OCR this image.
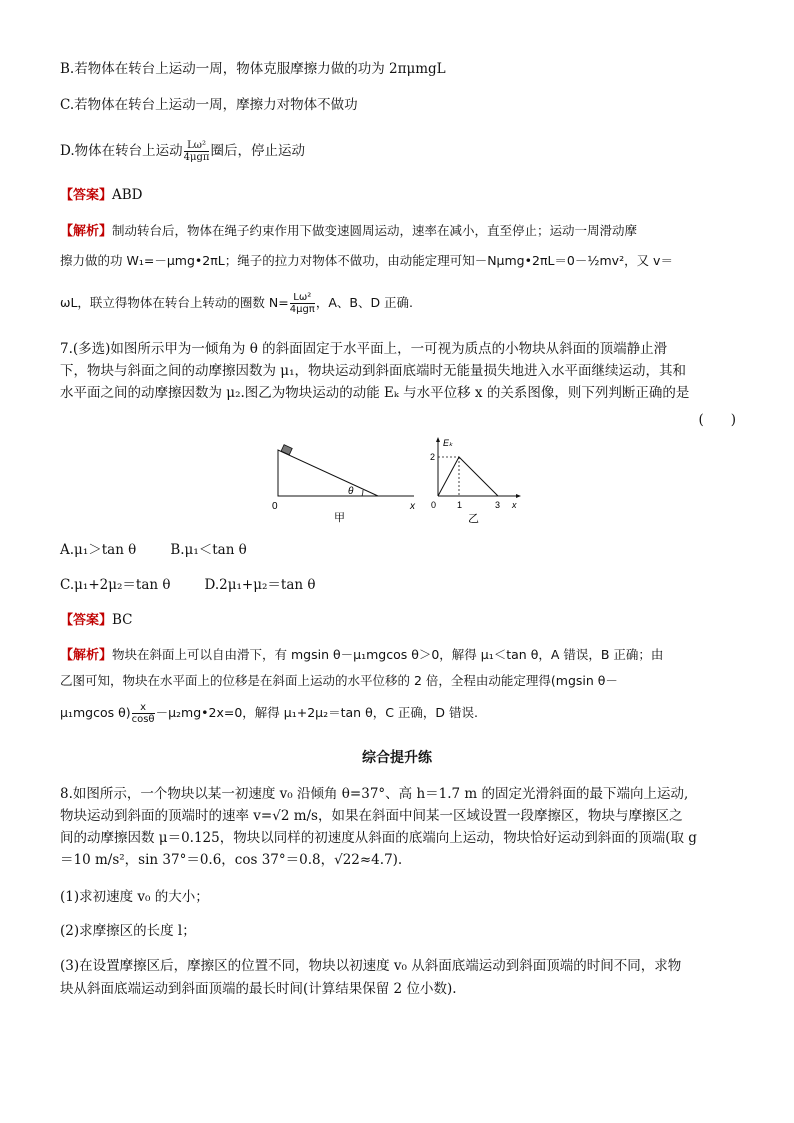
B.若物体在转台上运动一周，物体克服摩擦力做的功为 2πμmgL
C.若物体在转台上运动一周，摩擦力对物体不做功
D.物体在转台上运动 Lω²
4μgπ 圈后，停止运动
【答案】ABD
【解析】制动转台后，物体在绳子约束作用下做变速圆周运动，速率在减小，直至停止；运动一周滑动摩
擦力做的功 W₁=－μmg•2πL；绳子的拉力对物体不做功，由动能定理可知－Nμmg•2πL＝0－½mv²，又 v＝
ωL，联立得物体在转台上转动的圈数 N= Lω²
4μgπ ，A、B、D 正确.
7.(多选)如图所示甲为一倾角为 θ 的斜面固定于水平面上，一可视为质点的小物块从斜面的顶端静止滑
下，物块与斜面之间的动摩擦因数为 μ₁，物块运动到斜面底端时无能量损失地进入水平面继续运动，其和
水平面之间的动摩擦因数为 μ₂.图乙为物块运动的动能 Eₖ 与水平位移 x 的关系图像，则下列判断正确的是
(　　)
θ
0	x
甲
Eₖ
2
0 1	3 x
乙
A.μ₁＞tan θ	B.μ₁＜tan θ
C.μ₁+2μ₂＝tan θ	D.2μ₁+μ₂＝tan θ
【答案】BC
【解析】物块在斜面上可以自由滑下，有 mgsin θ－μ₁mgcos θ＞0，解得 μ₁＜tan θ，A 错误，B 正确；由
乙图可知，物块在水平面上的位移是在斜面上运动的水平位移的 2 倍，全程由动能定理得(mgsin θ－
μ₁mgcos $\theta) \frac{x}{\cos\theta}$ －μ₂mg•2x=0，解得 μ₁+2μ₂＝tan θ，C 正确，D 错误.
综合提升练
8.如图所示，一个物块以某一初速度 v₀ 沿倾角 θ=37°、高 h＝1.7 m 的固定光滑斜面的最下端向上运动,
物块运动到斜面的顶端时的速率 v=√2 m/s，如果在斜面中间某一区域设置一段摩擦区，物块与摩擦区之
间的动摩擦因数 μ＝0.125，物块以同样的初速度从斜面的底端向上运动，物块恰好运动到斜面的顶端(取 g
＝10 m/s²，sin 37°＝0.6，cos 37°＝0.8，√22≈4.7).
(1)求初速度 v₀ 的大小；
(2)求摩擦区的长度 l；
(3)在设置摩擦区后，摩擦区的位置不同，物块以初速度 v₀ 从斜面底端运动到斜面顶端的时间不同，求物
块从斜面底端运动到斜面顶端的最长时间(计算结果保留 2 位小数).
